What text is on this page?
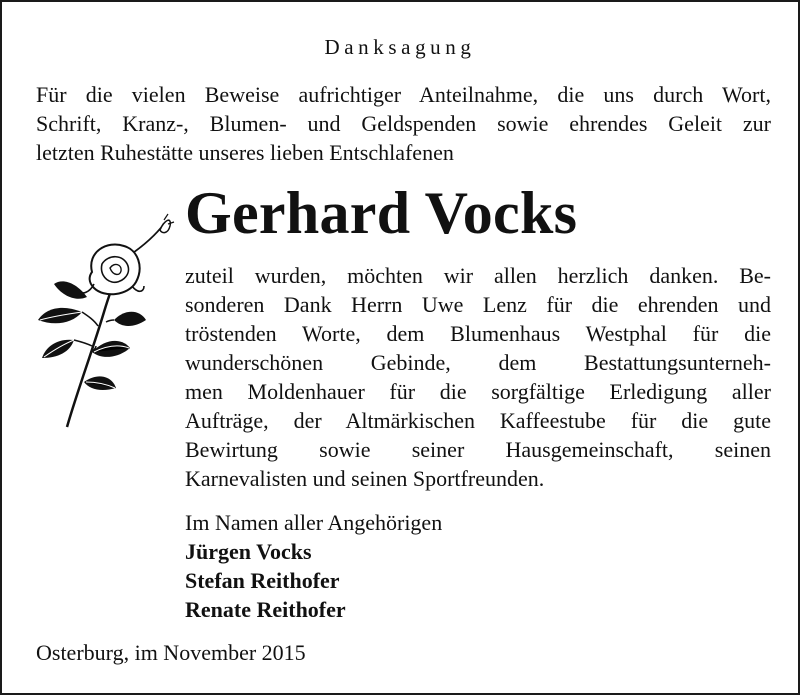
Danksagung
Für die vielen Beweise aufrichtiger Anteilnahme, die uns durch Wort,
Schrift, Kranz-, Blumen- und Geldspenden sowie ehrendes Geleit zur
letzten Ruhestätte unseres lieben Entschlafenen
Gerhard Vocks
zuteil wurden, möchten wir allen herzlich danken. Be-
sonderen Dank Herrn Uwe Lenz für die ehrenden und
tröstenden Worte, dem Blumenhaus Westphal für die
wunderschönen Gebinde, dem Bestattungsunterneh-
men Moldenhauer für die sorgfältige Erledigung aller
Aufträge, der Altmärkischen Kaffeestube für die gute
Bewirtung sowie seiner Hausgemeinschaft, seinen
Karnevalisten und seinen Sportfreunden.
Im Namen aller Angehörigen
Jürgen Vocks
Stefan Reithofer
Renate Reithofer
Osterburg, im November 2015
